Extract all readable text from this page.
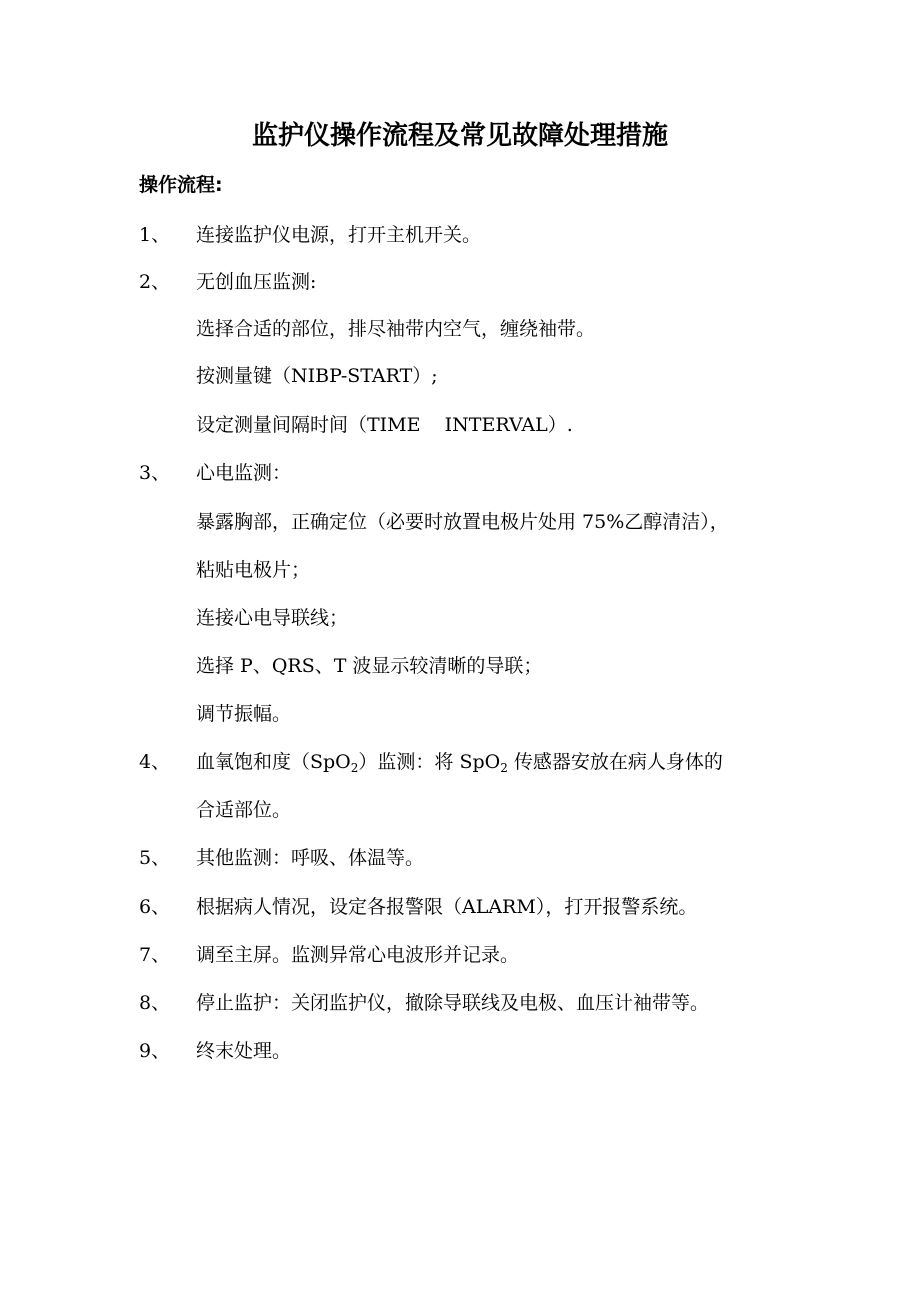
监护仪操作流程及常见故障处理措施
操作流程:
1、 连接监护仪电源，打开主机开关。
2、 无创血压监测:
选择合适的部位，排尽袖带内空气，缠绕袖带。
按测量键（NIBP-START）;
设定测量间隔时间（TIME    INTERVAL）.
3、 心电监测：
暴露胸部，正确定位（必要时放置电极片处用 75%乙醇清洁），
粘贴电极片；
连接心电导联线；
选择 P、QRS、T 波显示较清晰的导联；
调节振幅。
4、 血氧饱和度（SpO$_2$）监测：将 SpO$_2$ 传感器安放在病人身体的
合适部位。
5、 其他监测：呼吸、体温等。
6、 根据病人情况，设定各报警限（ALARM），打开报警系统。
7、 调至主屏。监测异常心电波形并记录。
8、 停止监护：关闭监护仪，撤除导联线及电极、血压计袖带等。
9、 终末处理。
